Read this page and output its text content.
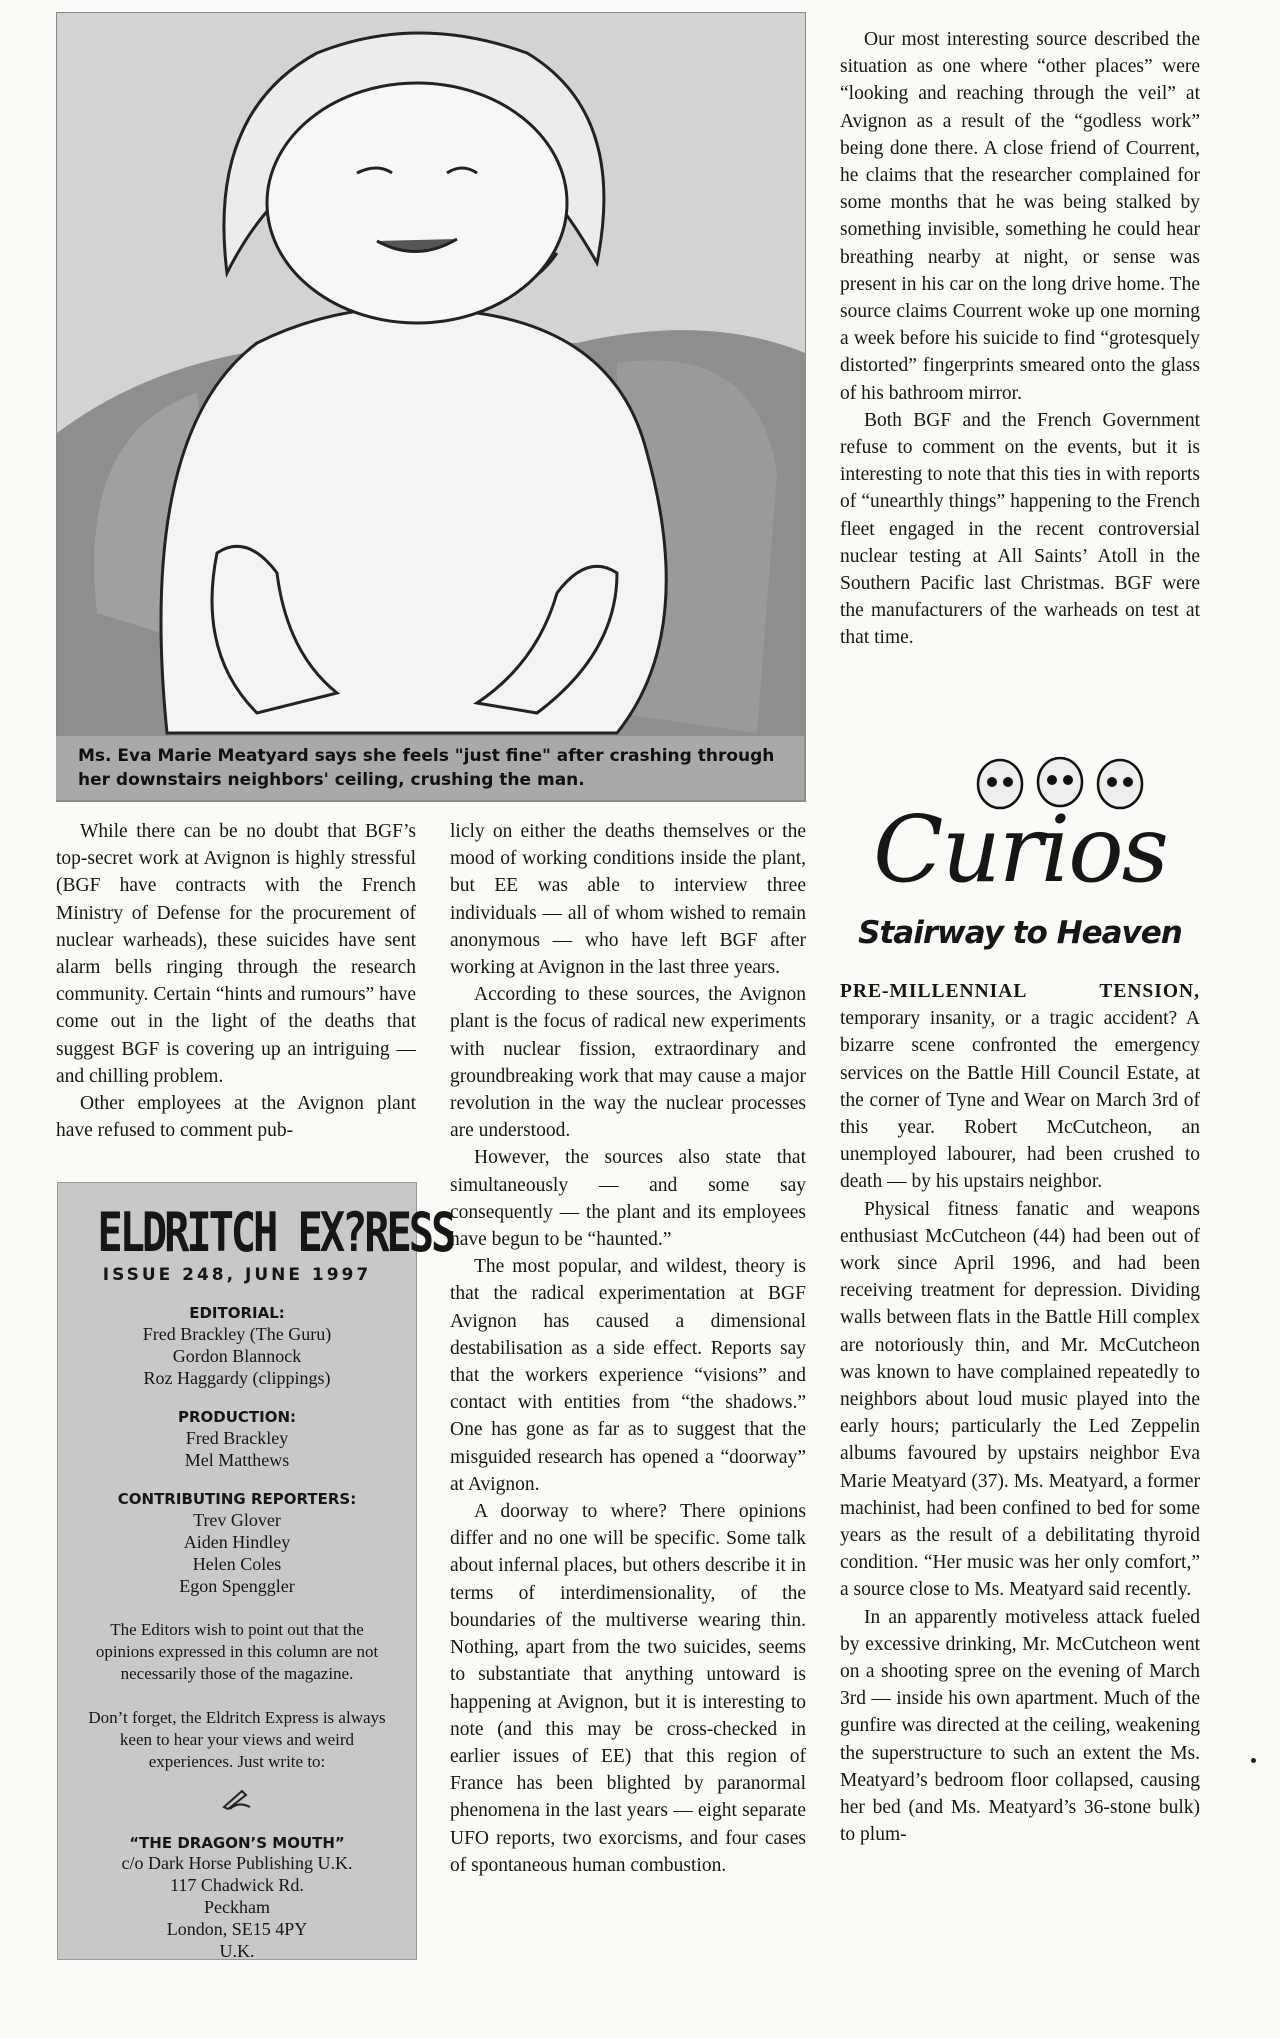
Ms. Eva Marie Meatyard says she feels "just fine" after crashing through her downstairs neighbors' ceiling, crushing the man.

Our most interesting source described the situation as one where “other places” were “looking and reaching through the veil” at Avignon as a result of the “godless work” being done there. A close friend of Courrent, he claims that the researcher complained for some months that he was being stalked by something invisible, something he could hear breathing nearby at night, or sense was present in his car on the long drive home. The source claims Courrent woke up one morning a week before his suicide to find “grotesquely distorted” fingerprints smeared onto the glass of his bathroom mirror.

Both BGF and the French Government refuse to comment on the events, but it is interesting to note that this ties in with reports of “unearthly things” happening to the French fleet engaged in the recent controversial nuclear testing at All Saints’ Atoll in the Southern Pacific last Christmas. BGF were the manufacturers of the warheads on test at that time.

While there can be no doubt that BGF’s top-secret work at Avignon is highly stressful (BGF have contracts with the French Ministry of Defense for the procurement of nuclear warheads), these suicides have sent alarm bells ringing through the research community. Certain “hints and rumours” have come out in the light of the deaths that suggest BGF is covering up an intriguing — and chilling problem.

Other employees at the Avignon plant have refused to comment pub-

licly on either the deaths themselves or the mood of working conditions inside the plant, but EE was able to interview three individuals — all of whom wished to remain anonymous — who have left BGF after working at Avignon in the last three years.

According to these sources, the Avignon plant is the focus of radical new experiments with nuclear fission, extraordinary and groundbreaking work that may cause a major revolution in the way the nuclear processes are understood.

However, the sources also state that simultaneously — and some say consequently — the plant and its employees have begun to be “haunted.”

The most popular, and wildest, theory is that the radical experimentation at BGF Avignon has caused a dimensional destabilisation as a side effect. Reports say that the workers experience “visions” and contact with entities from “the shadows.” One has gone as far as to suggest that the misguided research has opened a “doorway” at Avignon.

A doorway to where? There opinions differ and no one will be specific. Some talk about infernal places, but others describe it in terms of interdimensionality, of the boundaries of the multiverse wearing thin. Nothing, apart from the two suicides, seems to substantiate that anything untoward is happening at Avignon, but it is interesting to note (and this may be cross-checked in earlier issues of EE) that this region of France has been blighted by paranormal phenomena in the last years — eight separate UFO reports, two exorcisms, and four cases of spontaneous human combustion.

ELDRITCH EX?RESS
ISSUE 248, JUNE 1997
EDITORIAL:
Fred Brackley (The Guru)
Gordon Blannock
Roz Haggardy (clippings)
PRODUCTION:
Fred Brackley
Mel Matthews
CONTRIBUTING REPORTERS:
Trev Glover
Aiden Hindley
Helen Coles
Egon Spenggler
The Editors wish to point out that the opinions expressed in this column are not necessarily those of the magazine.
Don’t forget, the Eldritch Express is always keen to hear your views and weird experiences. Just write to:
“THE DRAGON’S MOUTH”
c/o Dark Horse Publishing U.K.
117 Chadwick Rd.
Peckham
London, SE15 4PY
U.K.
Curios
Stairway to Heaven

PRE-MILLENNIAL TENSION, temporary insanity, or a tragic accident? A bizarre scene confronted the emergency services on the Battle Hill Council Estate, at the corner of Tyne and Wear on March 3rd of this year. Robert McCutcheon, an unemployed labourer, had been crushed to death — by his upstairs neighbor.

Physical fitness fanatic and weapons enthusiast McCutcheon (44) had been out of work since April 1996, and had been receiving treatment for depression. Dividing walls between flats in the Battle Hill complex are notoriously thin, and Mr. McCutcheon was known to have complained repeatedly to neighbors about loud music played into the early hours; particularly the Led Zeppelin albums favoured by upstairs neighbor Eva Marie Meatyard (37). Ms. Meatyard, a former machinist, had been confined to bed for some years as the result of a debilitating thyroid condition. “Her music was her only comfort,” a source close to Ms. Meatyard said recently.

In an apparently motiveless attack fueled by excessive drinking, Mr. McCutcheon went on a shooting spree on the evening of March 3rd — inside his own apartment. Much of the gunfire was directed at the ceiling, weakening the superstructure to such an extent the Ms. Meatyard’s bedroom floor collapsed, causing her bed (and Ms. Meatyard’s 36-stone bulk) to plum-
